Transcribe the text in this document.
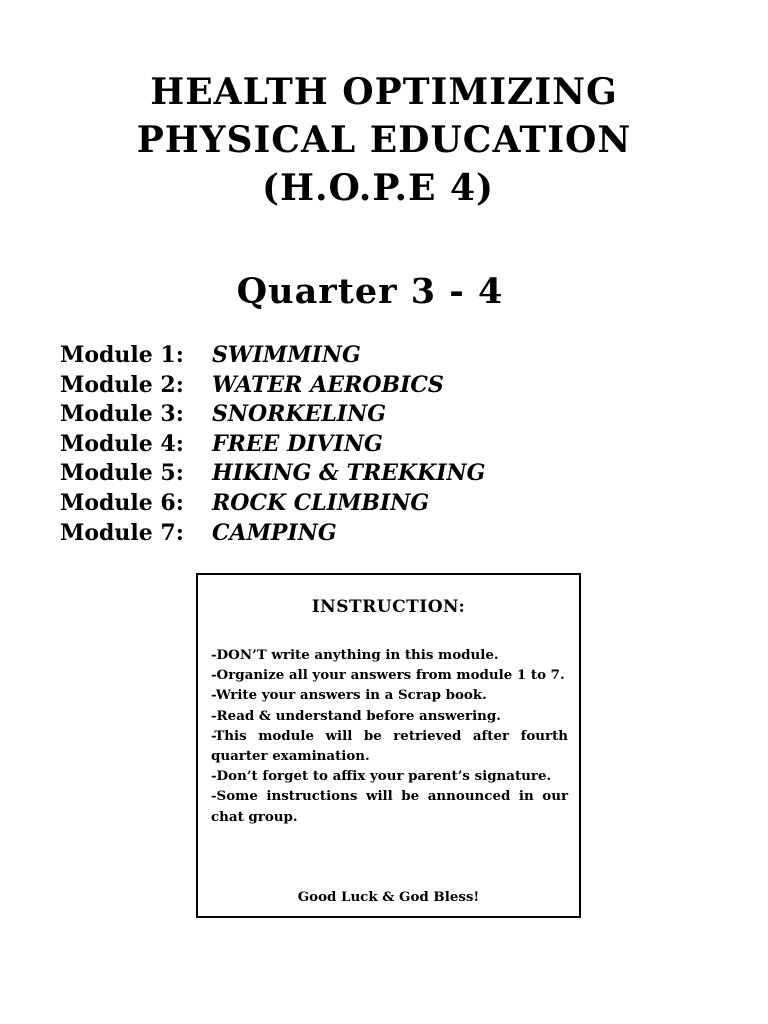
HEALTH OPTIMIZING
PHYSICAL EDUCATION
(H.O.P.E 4)
Quarter 3 - 4
Module 1: SWIMMING
Module 2: WATER AEROBICS
Module 3: SNORKELING
Module 4: FREE DIVING
Module 5: HIKING & TREKKING
Module 6: ROCK CLIMBING
Module 7: CAMPING
INSTRUCTION:
-DON’T write anything in this module.
-Organize all your answers from module 1 to 7.
-Write your answers in a Scrap book.
-Read & understand before answering.
-This module will be retrieved after fourth quarter examination.
-Don’t forget to affix your parent’s signature.
-Some instructions will be announced in our chat group.
Good Luck & God Bless!
